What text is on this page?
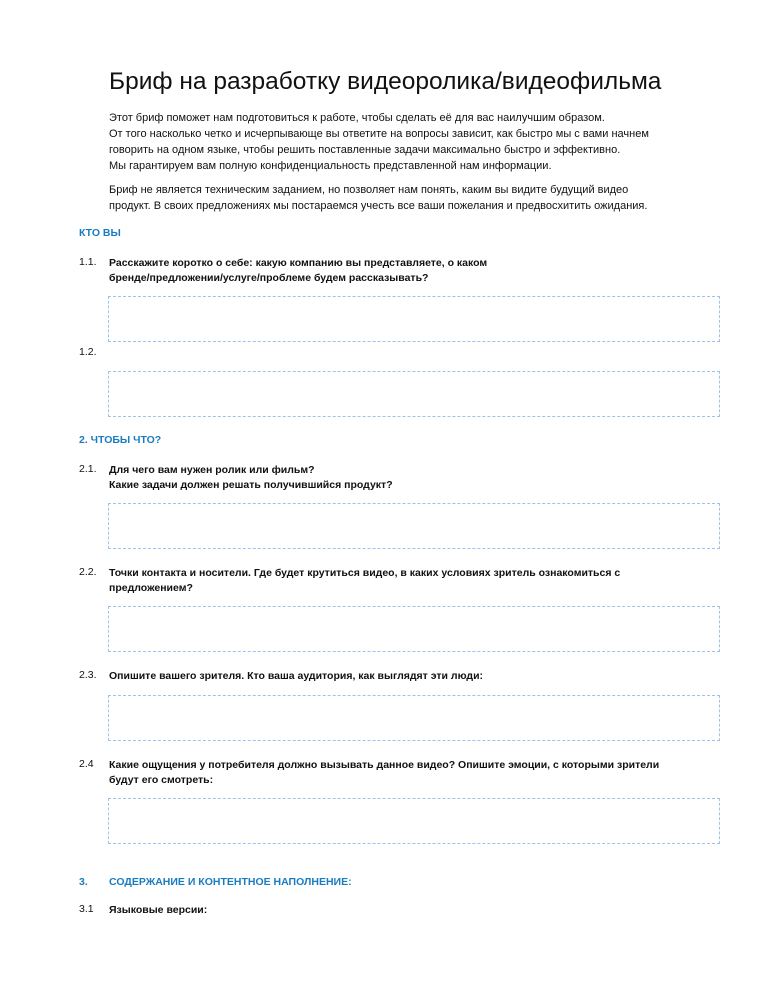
Бриф на разработку видеоролика/видеофильма
Этот бриф поможет нам подготовиться к работе, чтобы сделать её для вас наилучшим образом.
От того насколько четко и исчерпывающе вы ответите на вопросы зависит, как быстро мы с вами начнем
говорить на одном языке, чтобы решить поставленные задачи максимально быстро и эффективно.
Мы гарантируем вам полную конфиденциальность представленной нам информации.
Бриф не является техническим заданием, но позволяет нам понять, каким вы видите будущий видео
продукт. В своих предложениях мы постараемся учесть все ваши пожелания и предвосхитить ожидания.
КТО ВЫ
1.1. Расскажите коротко о себе: какую компанию вы представляете, о каком
бренде/предложении/услуге/проблеме будем рассказывать?
1.2.

2. ЧТОБЫ ЧТО?
2.1. Для чего вам нужен ролик или фильм?
Какие задачи должен решать получившийся продукт?
2.2. Точки контакта и носители. Где будет крутиться видео, в каких условиях зритель ознакомиться с
предложением?
2.3. Опишите вашего зрителя. Кто ваша аудитория, как выглядят эти люди:
2.4 Какие ощущения у потребителя должно вызывать данное видео? Опишите эмоции, с которыми зрители
будут его смотреть:
3. СОДЕРЖАНИЕ И КОНТЕНТНОЕ НАПОЛНЕНИЕ:
3.1 Языковые версии:
